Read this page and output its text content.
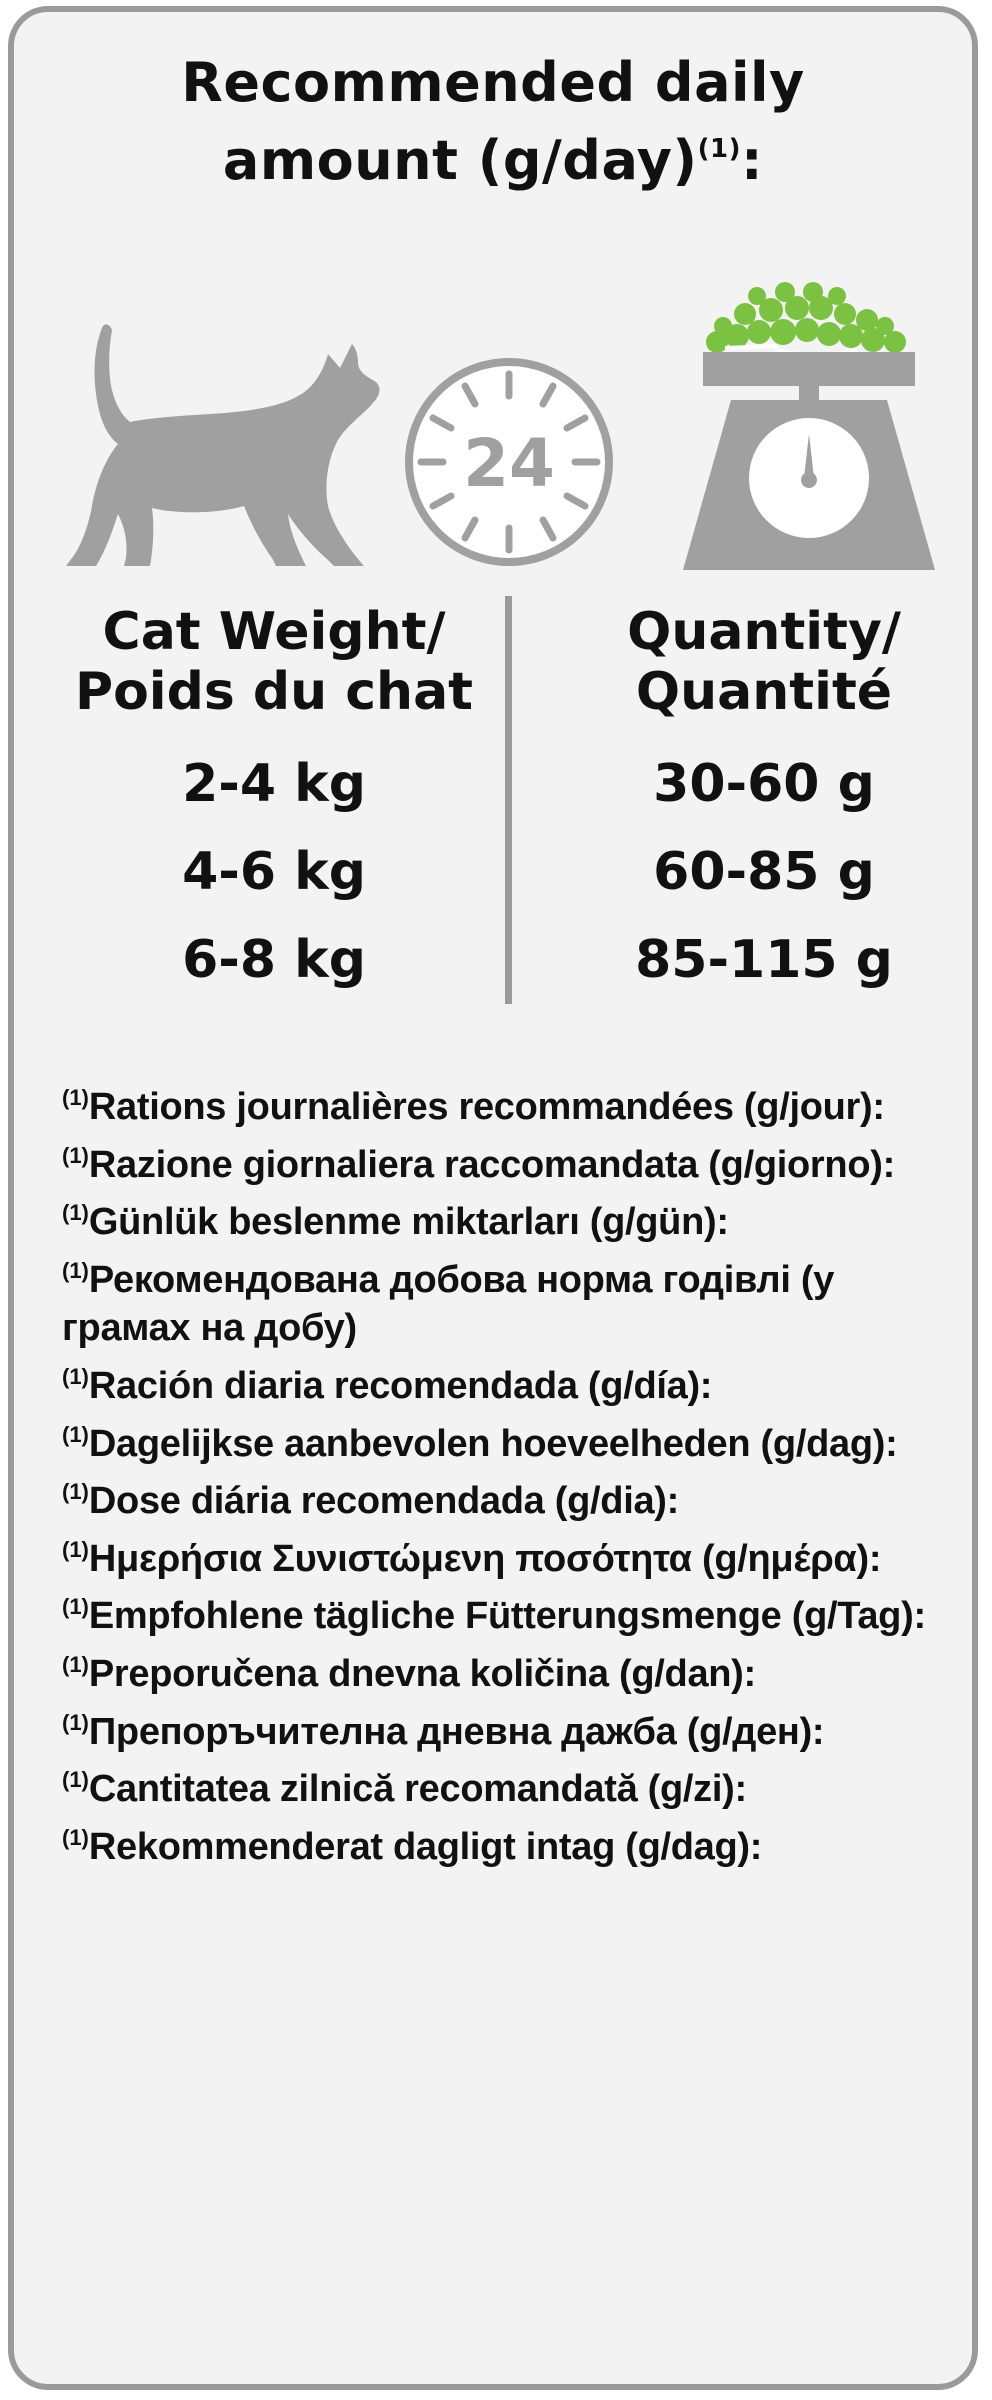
Recommended daily
amount $(g/day)^{(1)}$:
24
Cat Weight/
Poids du chat
2-4 kg
4-6 kg
6-8 kg
Quantity/
Quantité
30-60 g
60-85 g
85-115 g
$^{(1)}$Rations journalières recommandées (g/jour):
$^{(1)}$Razione giornaliera raccomandata (g/giorno):
$^{(1)}$Günlük beslenme miktarları (g/gün):
$^{(1)}$Рекомендована добова норма годівлі (у грамах на добу)
$^{(1)}$Ración diaria recomendada (g/día):
$^{(1)}$Dagelijkse aanbevolen hoeveelheden (g/dag):
$^{(1)}$Dose diária recomendada (g/dia):
$^{(1)}$Ημερήσια Συνιστώμενη ποσότητα (g/ημέρα):
$^{(1)}$Empfohlene tägliche Fütterungsmenge (g/Tag):
$^{(1)}$Preporučena dnevna količina (g/dan):
$^{(1)}$Препоръчителна дневна дажба (g/ден):
$^{(1)}$Cantitatea zilnică recomandată (g/zi):
$^{(1)}$Rekommenderat dagligt intag (g/dag):
